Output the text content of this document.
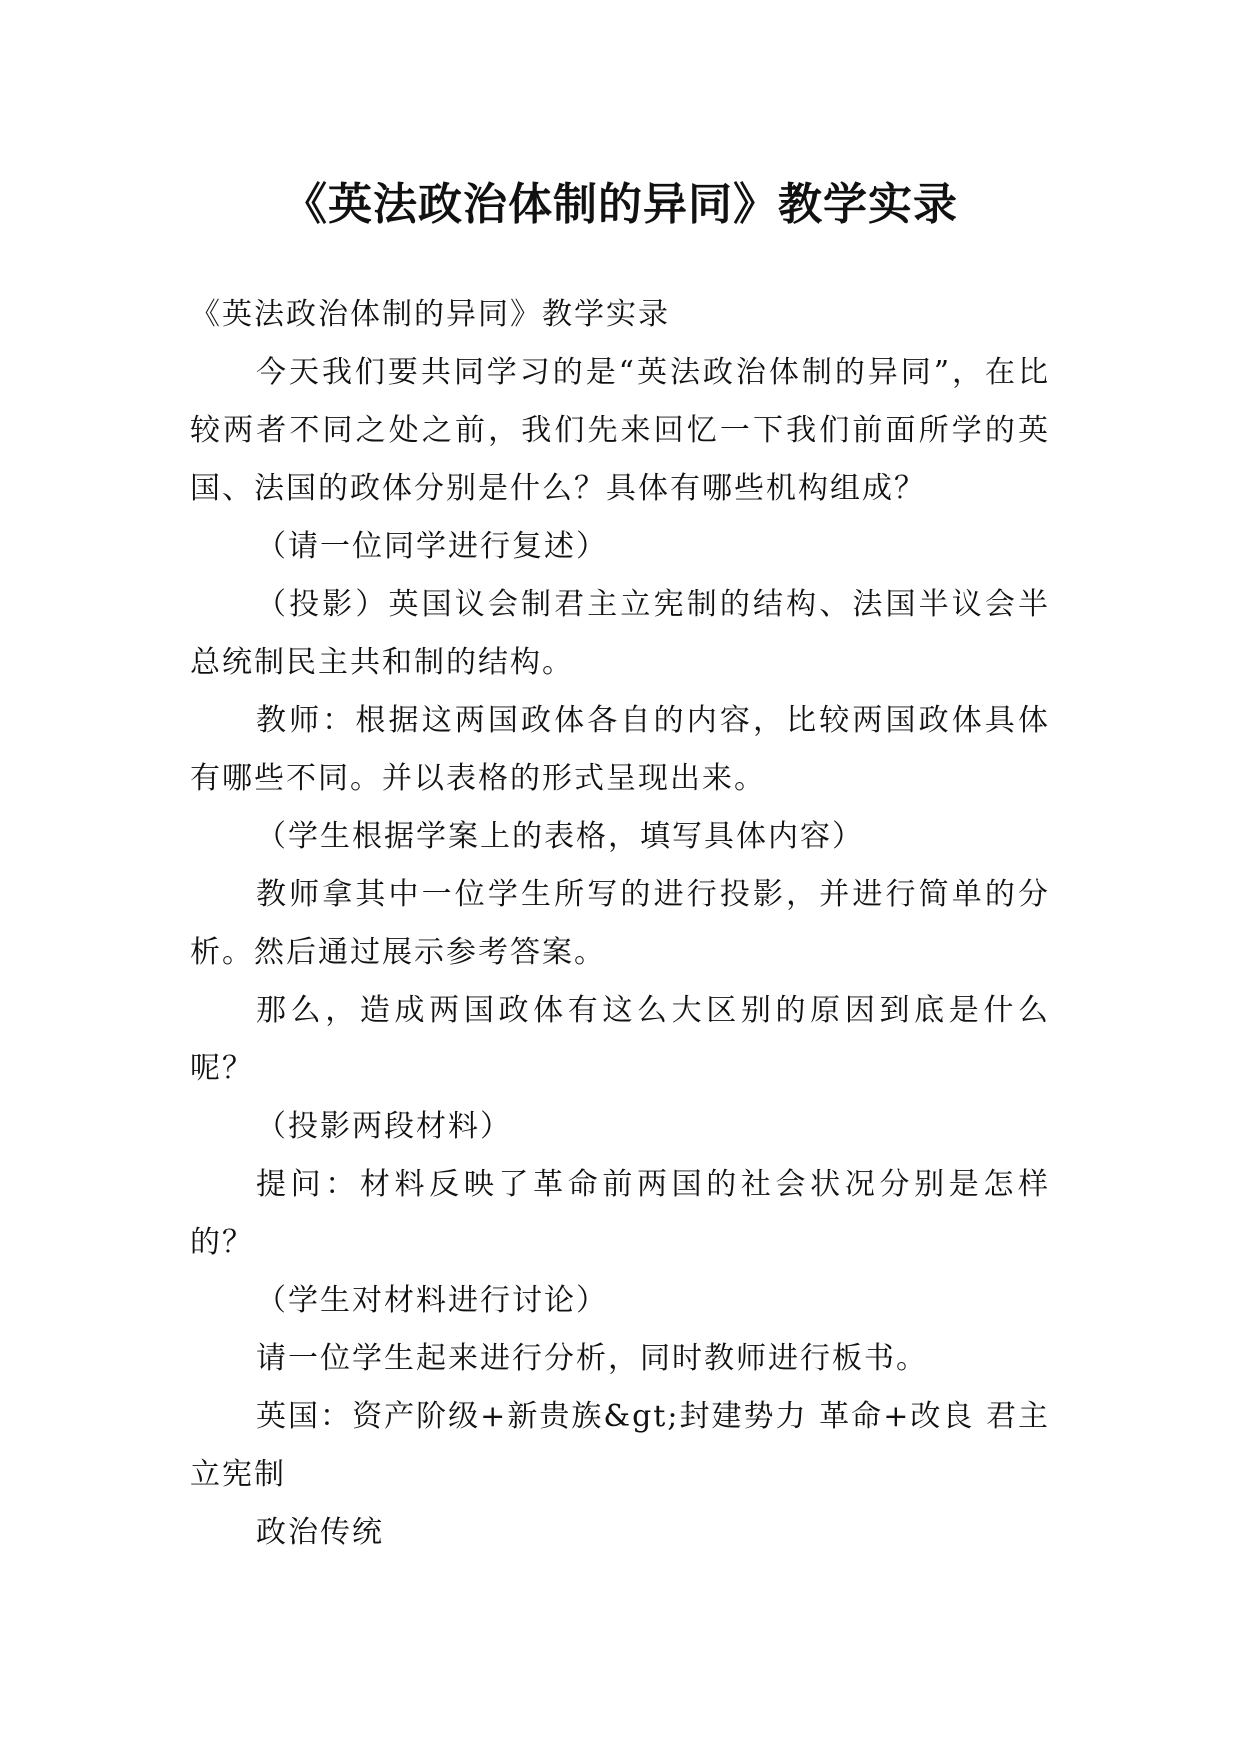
《英法政治体制的异同》教学实录

《英法政治体制的异同》教学实录

今天我们要共同学习的是“英法政治体制的异同”，在比较两者不同之处之前，我们先来回忆一下我们前面所学的英国、法国的政体分别是什么？具体有哪些机构组成？

（请一位同学进行复述）

（投影）英国议会制君主立宪制的结构、法国半议会半总统制民主共和制的结构。

教师：根据这两国政体各自的内容，比较两国政体具体有哪些不同。并以表格的形式呈现出来。

（学生根据学案上的表格，填写具体内容）

教师拿其中一位学生所写的进行投影，并进行简单的分析。然后通过展示参考答案。

那么，造成两国政体有这么大区别的原因到底是什么呢？

（投影两段材料）

提问：材料反映了革命前两国的社会状况分别是怎样的？

（学生对材料进行讨论）

请一位学生起来进行分析，同时教师进行板书。

英国：资产阶级+新贵族&gt;封建势力 革命+改良 君主立宪制

政治传统
